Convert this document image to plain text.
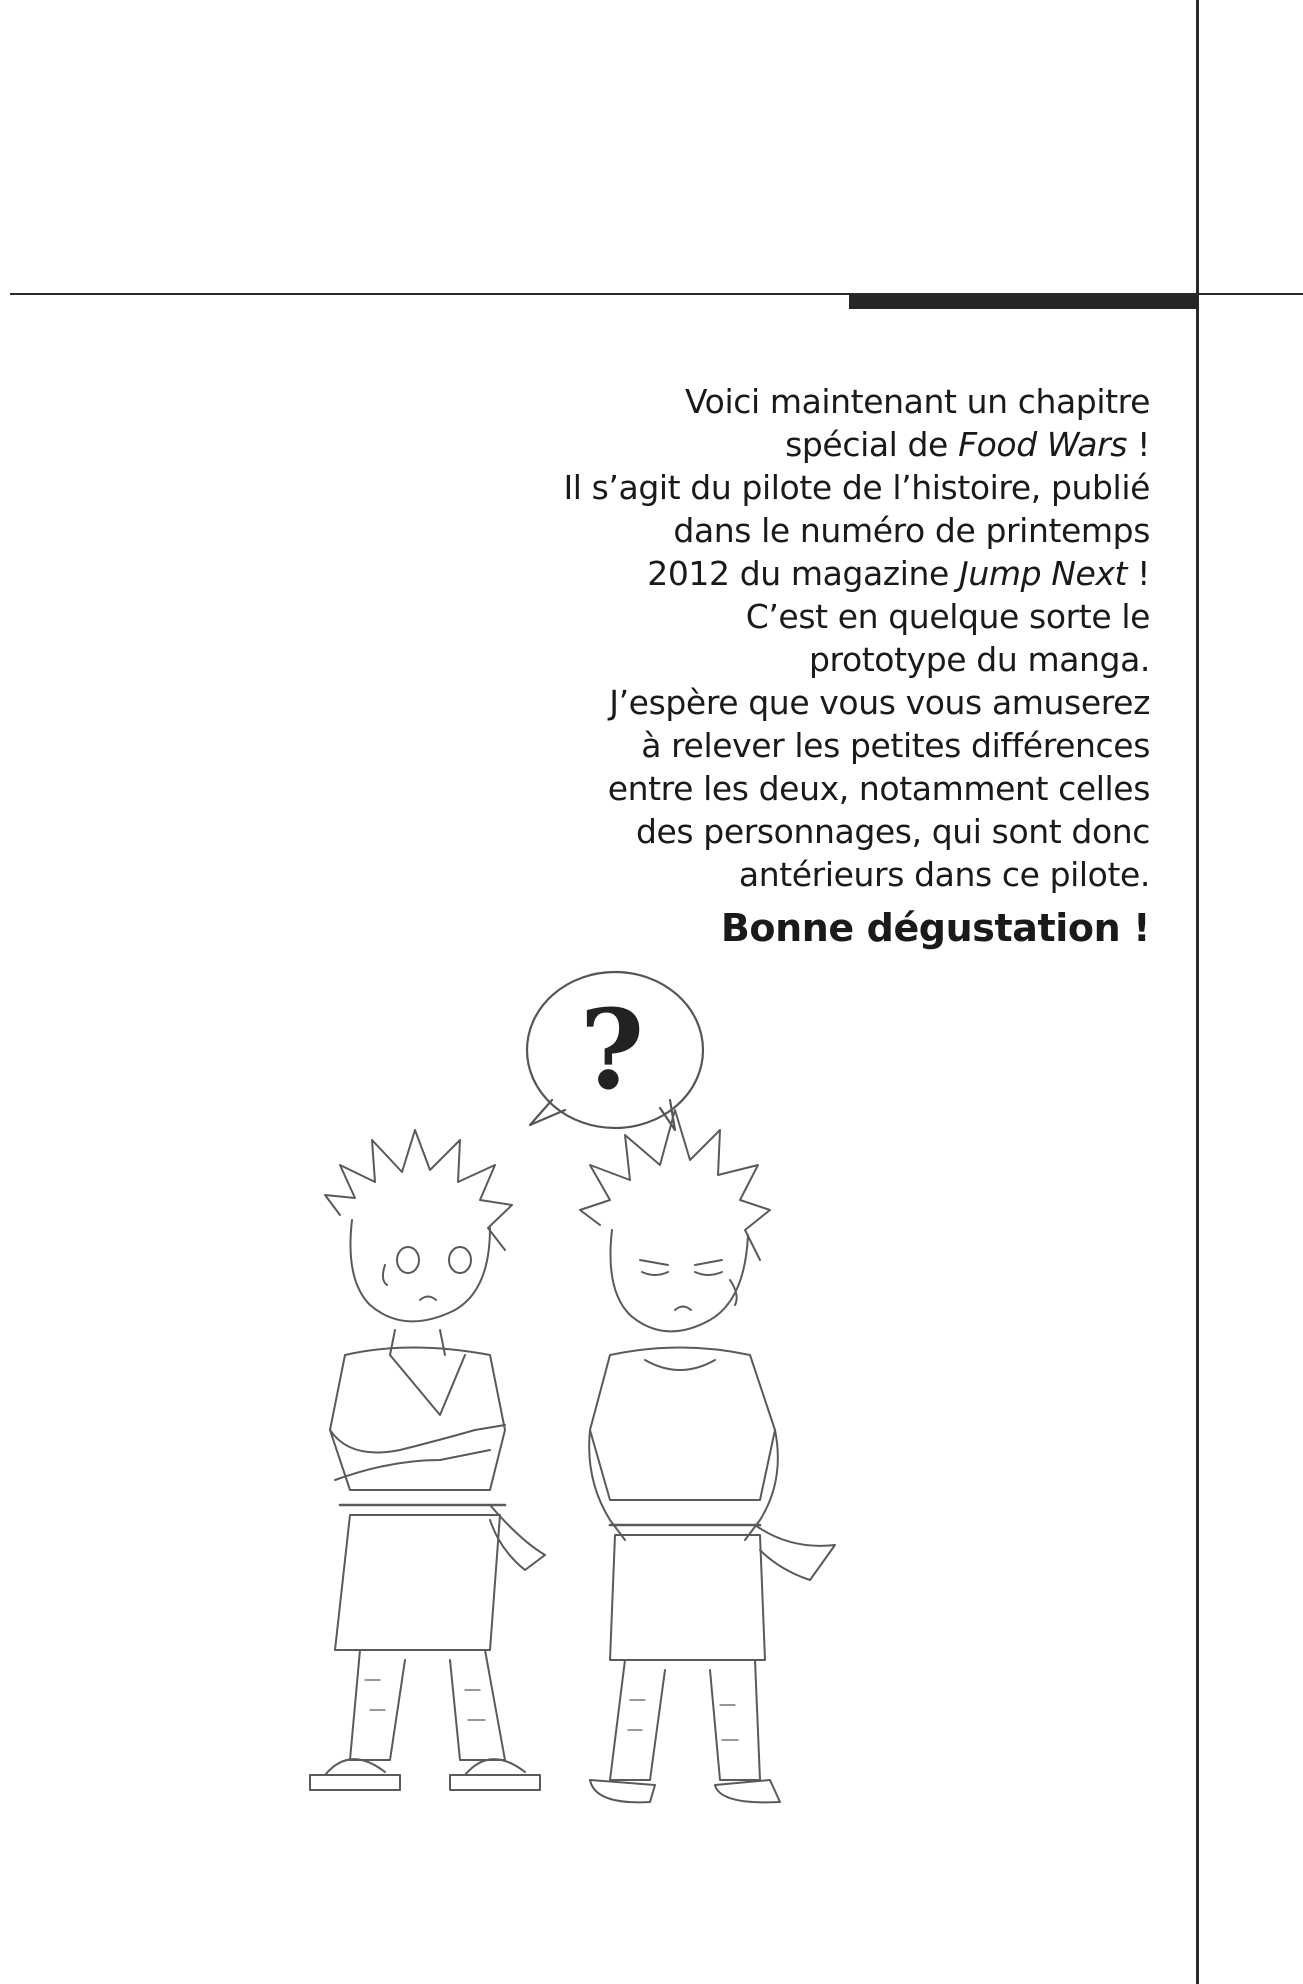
Voici maintenant un chapitre
spécial de Food Wars !
Il s’agit du pilote de l’histoire, publié
dans le numéro de printemps
2012 du magazine Jump Next !
C’est en quelque sorte le
prototype du manga.
J’espère que vous vous amuserez
à relever les petites différences
entre les deux, notamment celles
des personnages, qui sont donc
antérieurs dans ce pilote.
Bonne dégustation !
?
